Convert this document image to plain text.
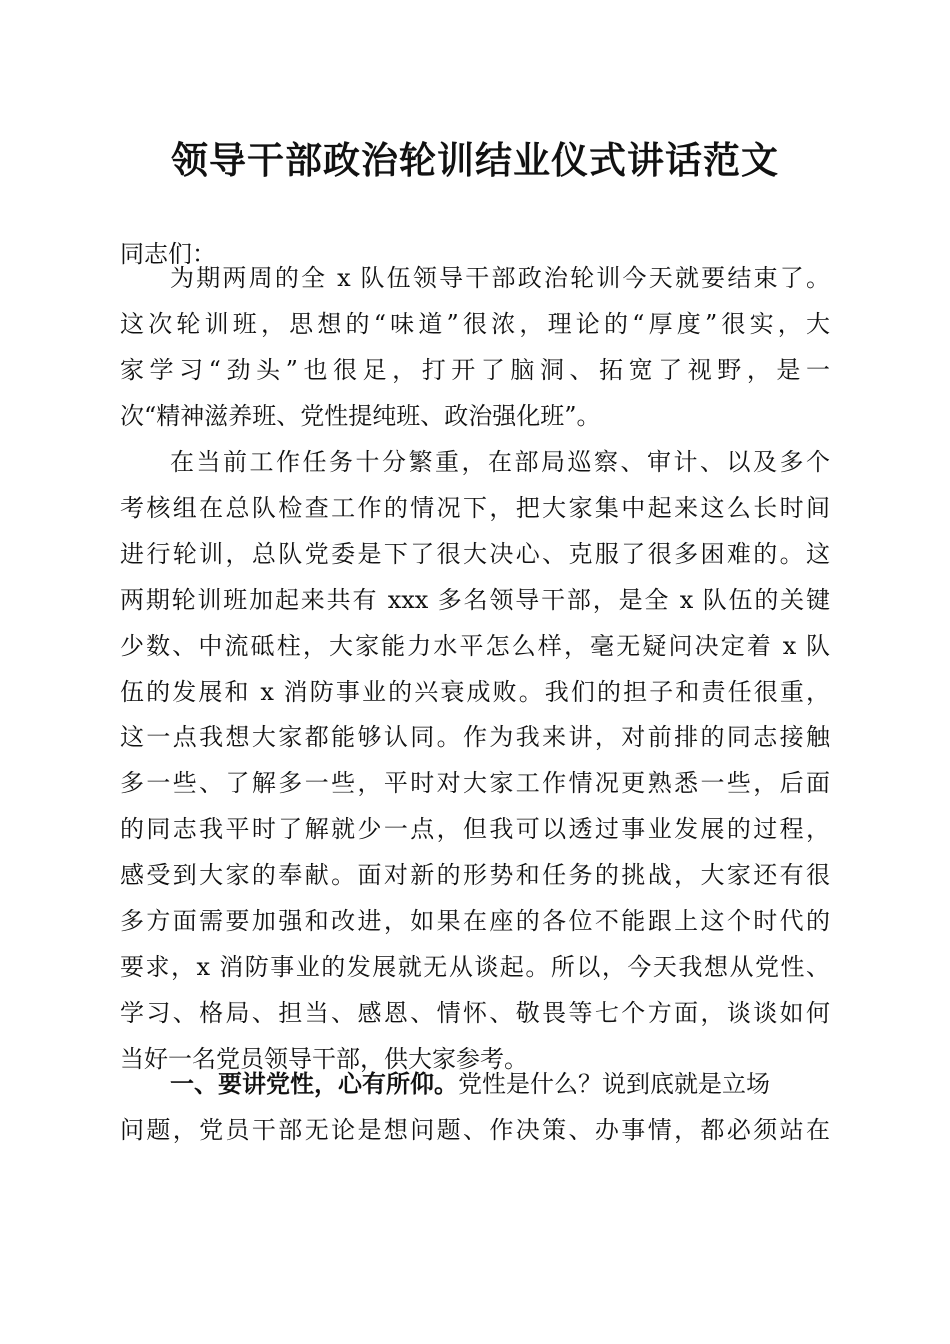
领导干部政治轮训结业仪式讲话范文
同志们：
为期两周的全 x 队伍领导干部政治轮训今天就要结束了。
这次轮训班，思想的“味道”很浓，理论的“厚度”很实，大
家学习“劲头”也很足，打开了脑洞、拓宽了视野，是一
次“精神滋养班、党性提纯班、政治强化班”。
在当前工作任务十分繁重，在部局巡察、审计、以及多个
考核组在总队检查工作的情况下，把大家集中起来这么长时间
进行轮训，总队党委是下了很大决心、克服了很多困难的。这
两期轮训班加起来共有 xxx 多名领导干部，是全 x 队伍的关键
少数、中流砥柱，大家能力水平怎么样，毫无疑问决定着 x 队
伍的发展和 x 消防事业的兴衰成败。我们的担子和责任很重，
这一点我想大家都能够认同。作为我来讲，对前排的同志接触
多一些、了解多一些，平时对大家工作情况更熟悉一些，后面
的同志我平时了解就少一点，但我可以透过事业发展的过程，
感受到大家的奉献。面对新的形势和任务的挑战，大家还有很
多方面需要加强和改进，如果在座的各位不能跟上这个时代的
要求，x 消防事业的发展就无从谈起。所以，今天我想从党性、
学习、格局、担当、感恩、情怀、敬畏等七个方面，谈谈如何
当好一名党员领导干部，供大家参考。
一、要讲党性，心有所仰。党性是什么？说到底就是立场
问题，党员干部无论是想问题、作决策、办事情，都必须站在
